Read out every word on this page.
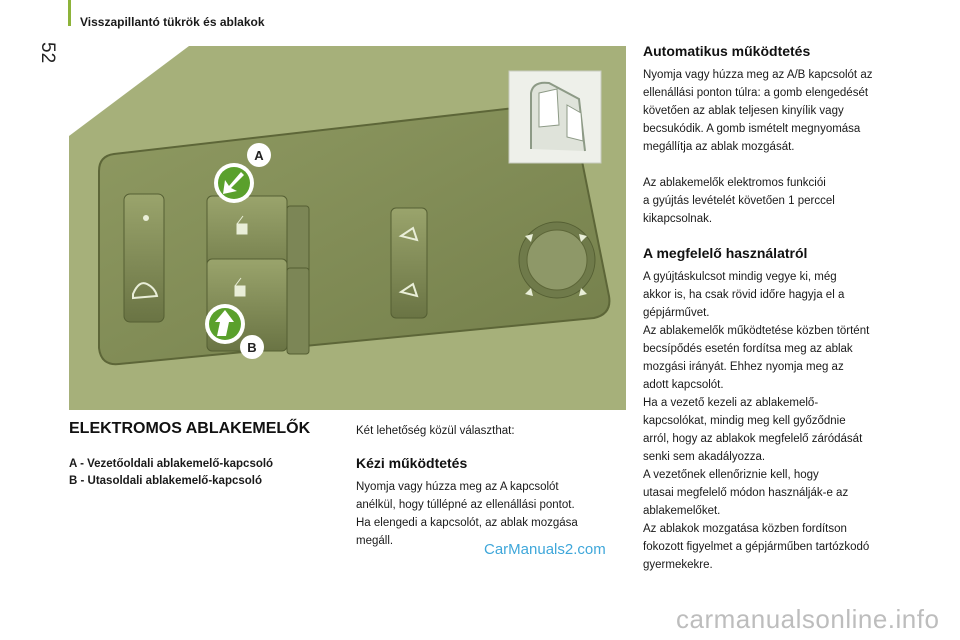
52
Visszapillantó tükrök és ablakok
A
B
ELEKTROMOS ABLAKEMELŐK
A - Vezetőoldali ablakemelő-kapcsoló
B - Utasoldali ablakemelő-kapcsoló

Két lehetőség közül választhat:

Kézi működtetés

Nyomja vagy húzza meg az A kapcsolót
anélkül, hogy túllépné az ellenállási pontot.
Ha elengedi a kapcsolót, az ablak mozgása
megáll.

Automatikus működtetés

Nyomja vagy húzza meg az A/B kapcsolót az
ellenállási ponton túlra: a gomb elengedését
követően az ablak teljesen kinyílik vagy
becsukódik. A gomb ismételt megnyomása
megállítja az ablak mozgását.

Az ablakemelők elektromos funkciói
a gyújtás levételét követően 1 perccel
kikapcsolnak.

A megfelelő használatról

A gyújtáskulcsot mindig vegye ki, még
akkor is, ha csak rövid időre hagyja el a
gépjárművet.
Az ablakemelők működtetése közben történt
becsípődés esetén fordítsa meg az ablak
mozgási irányát. Ehhez nyomja meg az
adott kapcsolót.
Ha a vezető kezeli az ablakemelő-
kapcsolókat, mindig meg kell győződnie
arról, hogy az ablakok megfelelő záródását
senki sem akadályozza.
A vezetőnek ellenőriznie kell, hogy
utasai megfelelő módon használják-e az
ablakemelőket.
Az ablakok mozgatása közben fordítson
fokozott figyelmet a gépjárműben tartózkodó
gyermekekre.

CarManuals2.com
carmanualsonline.info
